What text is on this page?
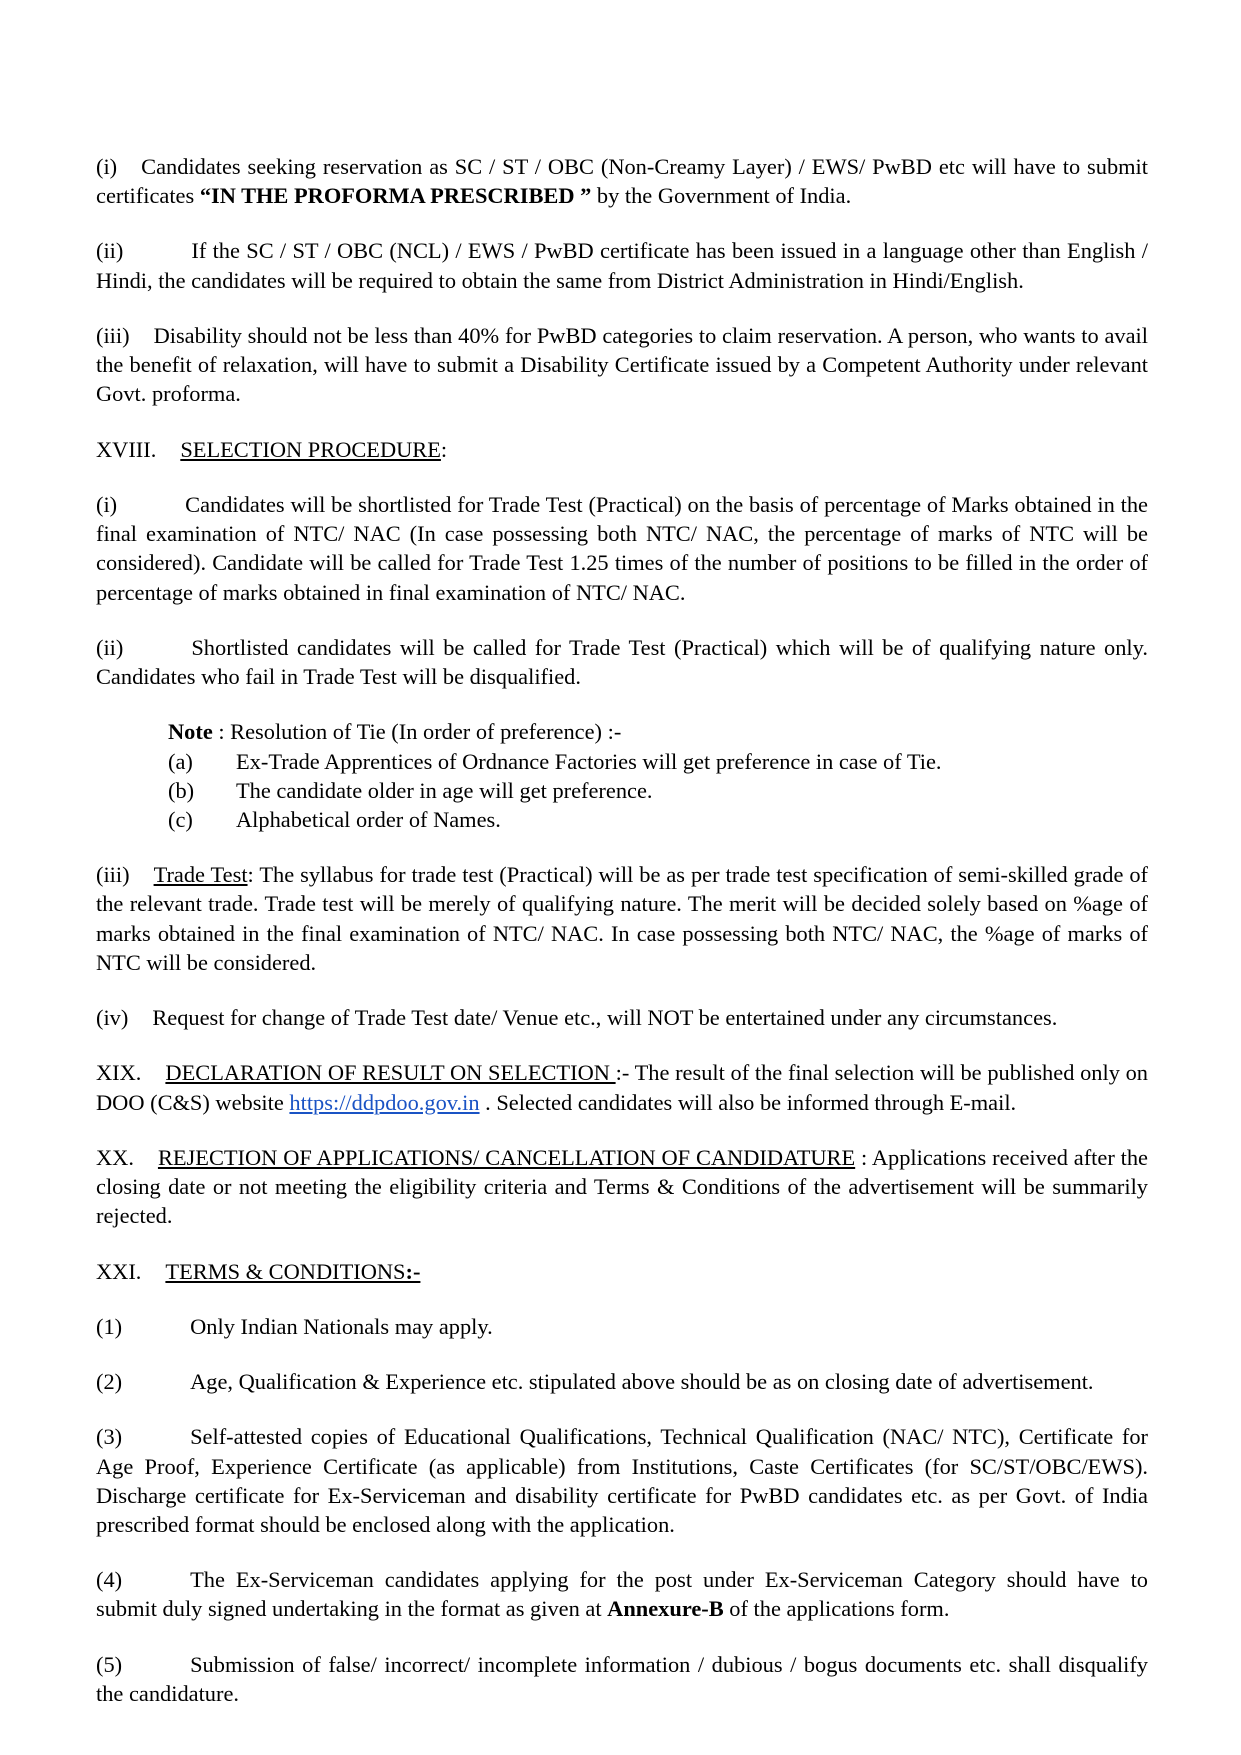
(i) Candidates seeking reservation as SC / ST / OBC (Non-Creamy Layer) / EWS/ PwBD etc will have to submit certificates “IN THE PROFORMA PRESCRIBED ” by the Government of India.

(ii)	If the SC / ST / OBC (NCL) / EWS / PwBD certificate has been issued in a language other than English / Hindi, the candidates will be required to obtain the same from District Administration in Hindi/English.

(iii) Disability should not be less than 40% for PwBD categories to claim reservation. A person, who wants to avail the benefit of relaxation, will have to submit a Disability Certificate issued by a Competent Authority under relevant Govt. proforma.

XVIII. SELECTION PROCEDURE:

(i)	Candidates will be shortlisted for Trade Test (Practical) on the basis of percentage of Marks obtained in the final examination of NTC/ NAC (In case possessing both NTC/ NAC, the percentage of marks of NTC will be considered). Candidate will be called for Trade Test 1.25 times of the number of positions to be filled in the order of percentage of marks obtained in final examination of NTC/ NAC.

(ii)	Shortlisted candidates will be called for Trade Test (Practical) which will be of qualifying nature only. Candidates who fail in Trade Test will be disqualified.

Note : Resolution of Tie (In order of preference) :-

(a) Ex-Trade Apprentices of Ordnance Factories will get preference in case of Tie.

(b) The candidate older in age will get preference.

(c) Alphabetical order of Names.

(iii) Trade Test: The syllabus for trade test (Practical) will be as per trade test specification of semi-skilled grade of the relevant trade. Trade test will be merely of qualifying nature. The merit will be decided solely based on %age of marks obtained in the final examination of NTC/ NAC. In case possessing both NTC/ NAC, the %age of marks of NTC will be considered.

(iv) Request for change of Trade Test date/ Venue etc., will NOT be entertained under any circumstances.

XIX. DECLARATION OF RESULT ON SELECTION :- The result of the final selection will be published only on DOO (C&S) website https://ddpdoo.gov.in . Selected candidates will also be informed through E-mail.

XX. REJECTION OF APPLICATIONS/ CANCELLATION OF CANDIDATURE : Applications received after the closing date or not meeting the eligibility criteria and Terms & Conditions of the advertisement will be summarily rejected.

XXI. TERMS & CONDITIONS:-

(1)	Only Indian Nationals may apply.

(2)	Age, Qualification & Experience etc. stipulated above should be as on closing date of advertisement.

(3)	Self-attested copies of Educational Qualifications, Technical Qualification (NAC/ NTC), Certificate for Age Proof, Experience Certificate (as applicable) from Institutions, Caste Certificates (for SC/ST/OBC/EWS). Discharge certificate for Ex-Serviceman and disability certificate for PwBD candidates etc. as per Govt. of India prescribed format should be enclosed along with the application.

(4)	The Ex-Serviceman candidates applying for the post under Ex-Serviceman Category should have to submit duly signed undertaking in the format as given at Annexure-B of the applications form.

(5)	Submission of false/ incorrect/ incomplete information / dubious / bogus documents etc. shall disqualify the candidature.
